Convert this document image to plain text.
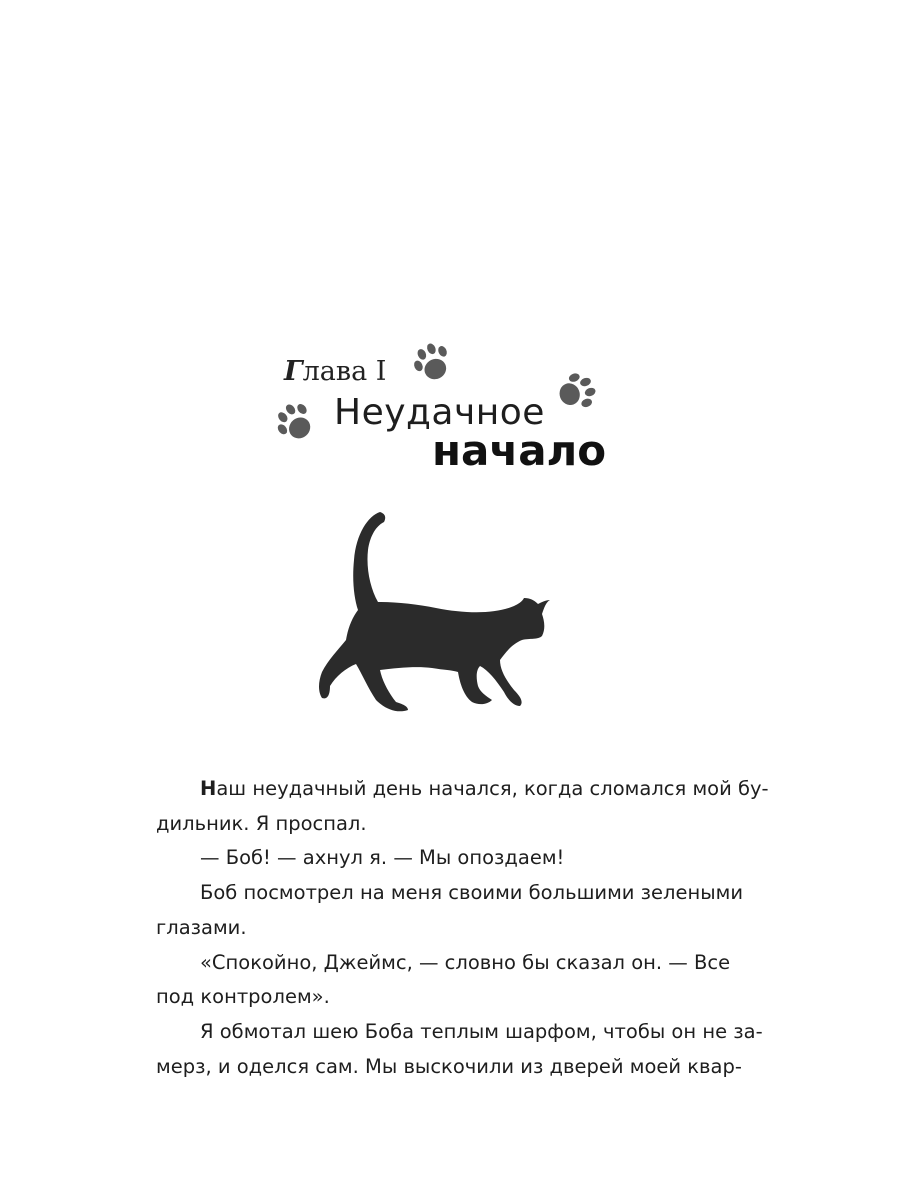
Глава I
Неудачное
начало
Наш неудачный день начался, когда сломался мой бу-
дильник. Я проспал.
— Боб! — ахнул я. — Мы опоздаем!
Боб посмотрел на меня своими большими зелеными
глазами.
«Спокойно, Джеймс, — словно бы сказал он. — Все
под контролем».
Я обмотал шею Боба теплым шарфом, чтобы он не за-
мерз, и оделся сам. Мы выскочили из дверей моей квар-
